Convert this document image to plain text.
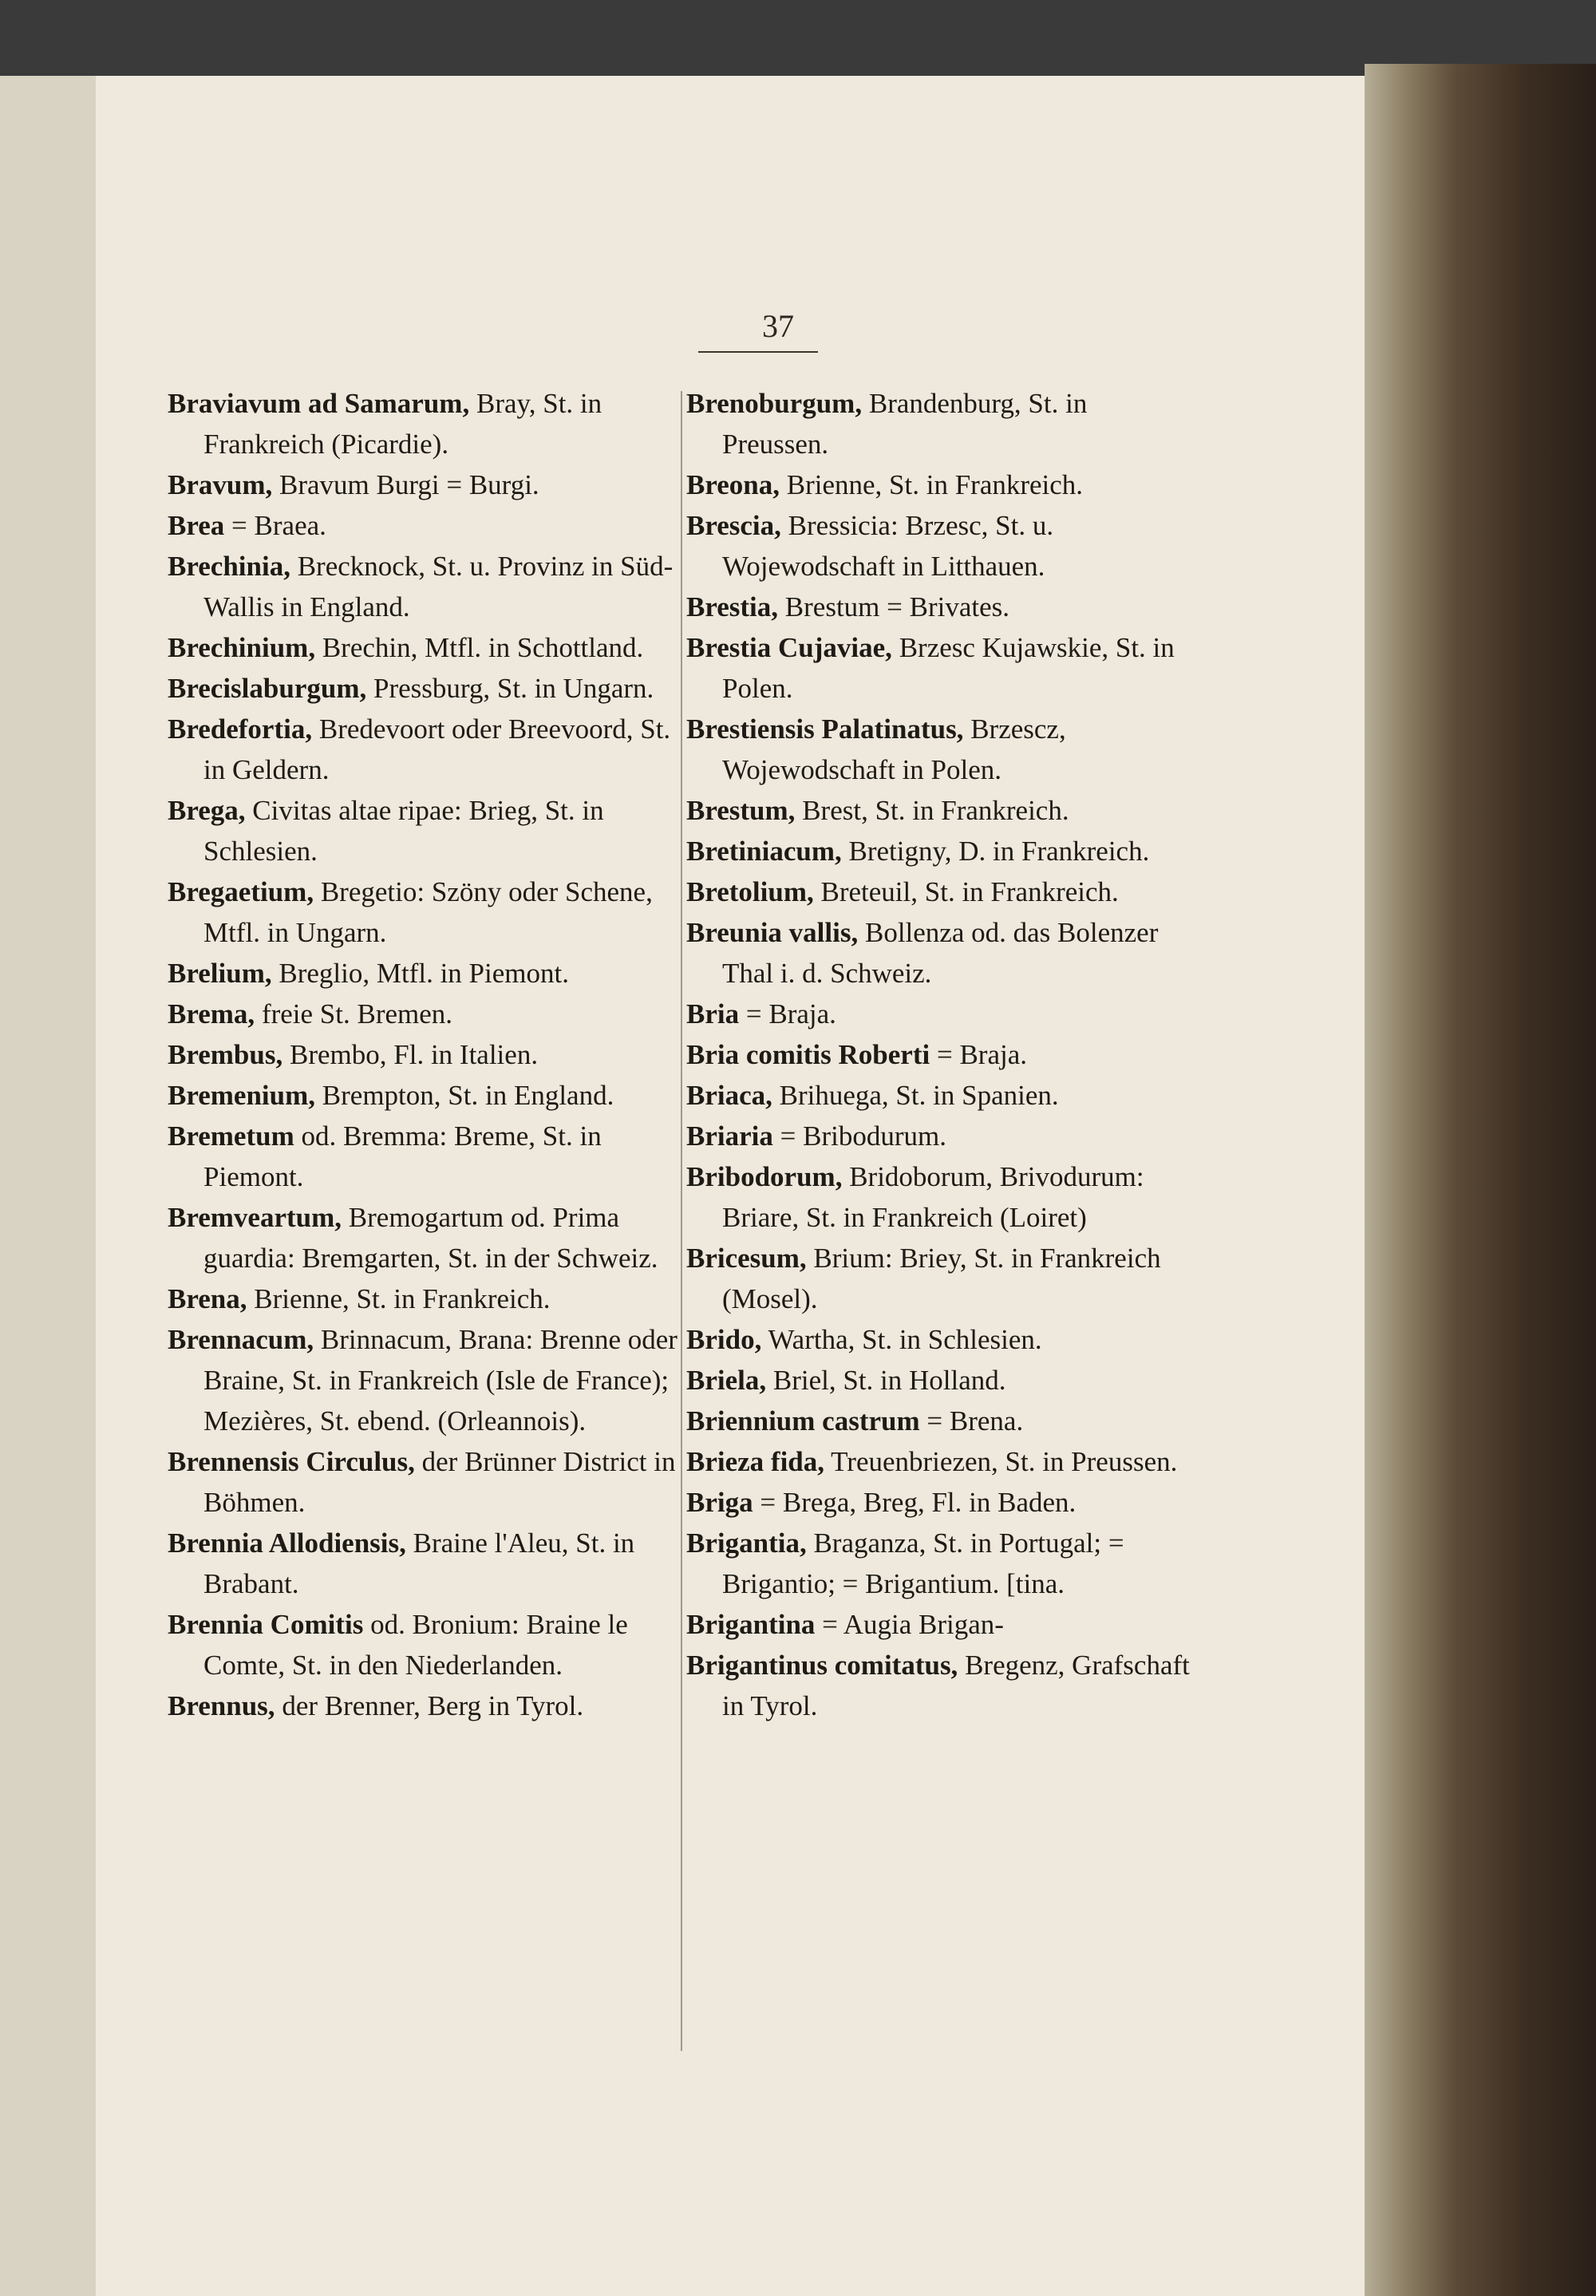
37
Braviavum ad Samarum, Bray, St. in Frankreich (Picardie).
Bravum, Bravum Burgi = Burgi.
Brea = Braea.
Brechinia, Brecknock, St. u. Provinz in Süd-Wallis in England.
Brechinium, Brechin, Mtfl. in Schottland.
Brecislaburgum, Pressburg, St. in Ungarn.
Bredefortia, Bredevoort oder Breevoord, St. in Geldern.
Brega, Civitas altae ripae: Brieg, St. in Schlesien.
Bregaetium, Bregetio: Szöny oder Schene, Mtfl. in Ungarn.
Brelium, Breglio, Mtfl. in Piemont.
Brema, freie St. Bremen.
Brembus, Brembo, Fl. in Italien.
Bremenium, Brempton, St. in England.
Bremetum od. Bremma: Breme, St. in Piemont.
Bremveartum, Bremogartum od. Prima guardia: Bremgarten, St. in der Schweiz.
Brena, Brienne, St. in Frankreich.
Brennacum, Brinnacum, Brana: Brenne oder Braine, St. in Frankreich (Isle de France); Mezières, St. ebend. (Orleannois).
Brennensis Circulus, der Brünner District in Böhmen.
Brennia Allodiensis, Braine l'Aleu, St. in Brabant.
Brennia Comitis od. Bronium: Braine le Comte, St. in den Niederlanden.
Brennus, der Brenner, Berg in Tyrol.
Brenoburgum, Brandenburg, St. in Preussen.
Breona, Brienne, St. in Frankreich.
Brescia, Bressicia: Brzesc, St. u. Wojewodschaft in Litthauen.
Brestia, Brestum = Brivates.
Brestia Cujaviae, Brzesc Kujawskie, St. in Polen.
Brestiensis Palatinatus, Brzescz, Wojewodschaft in Polen.
Brestum, Brest, St. in Frankreich.
Bretiniacum, Bretigny, D. in Frankreich.
Bretolium, Breteuil, St. in Frankreich.
Breunia vallis, Bollenza od. das Bolenzer Thal i. d. Schweiz.
Bria = Braja.
Bria comitis Roberti = Braja.
Briaca, Brihuega, St. in Spanien.
Briaria = Bribodurum.
Bribodorum, Bridoborum, Brivodurum: Briare, St. in Frankreich (Loiret)
Bricesum, Brium: Briey, St. in Frankreich (Mosel).
Brido, Wartha, St. in Schlesien.
Briela, Briel, St. in Holland.
Briennium castrum = Brena.
Brieza fida, Treuenbriezen, St. in Preussen.
Briga = Brega, Breg, Fl. in Baden.
Brigantia, Braganza, St. in Portugal; = Brigantio; = Brigantium. [tina.
Brigantina = Augia Brigan-
Brigantinus comitatus, Bregenz, Grafschaft in Tyrol.
